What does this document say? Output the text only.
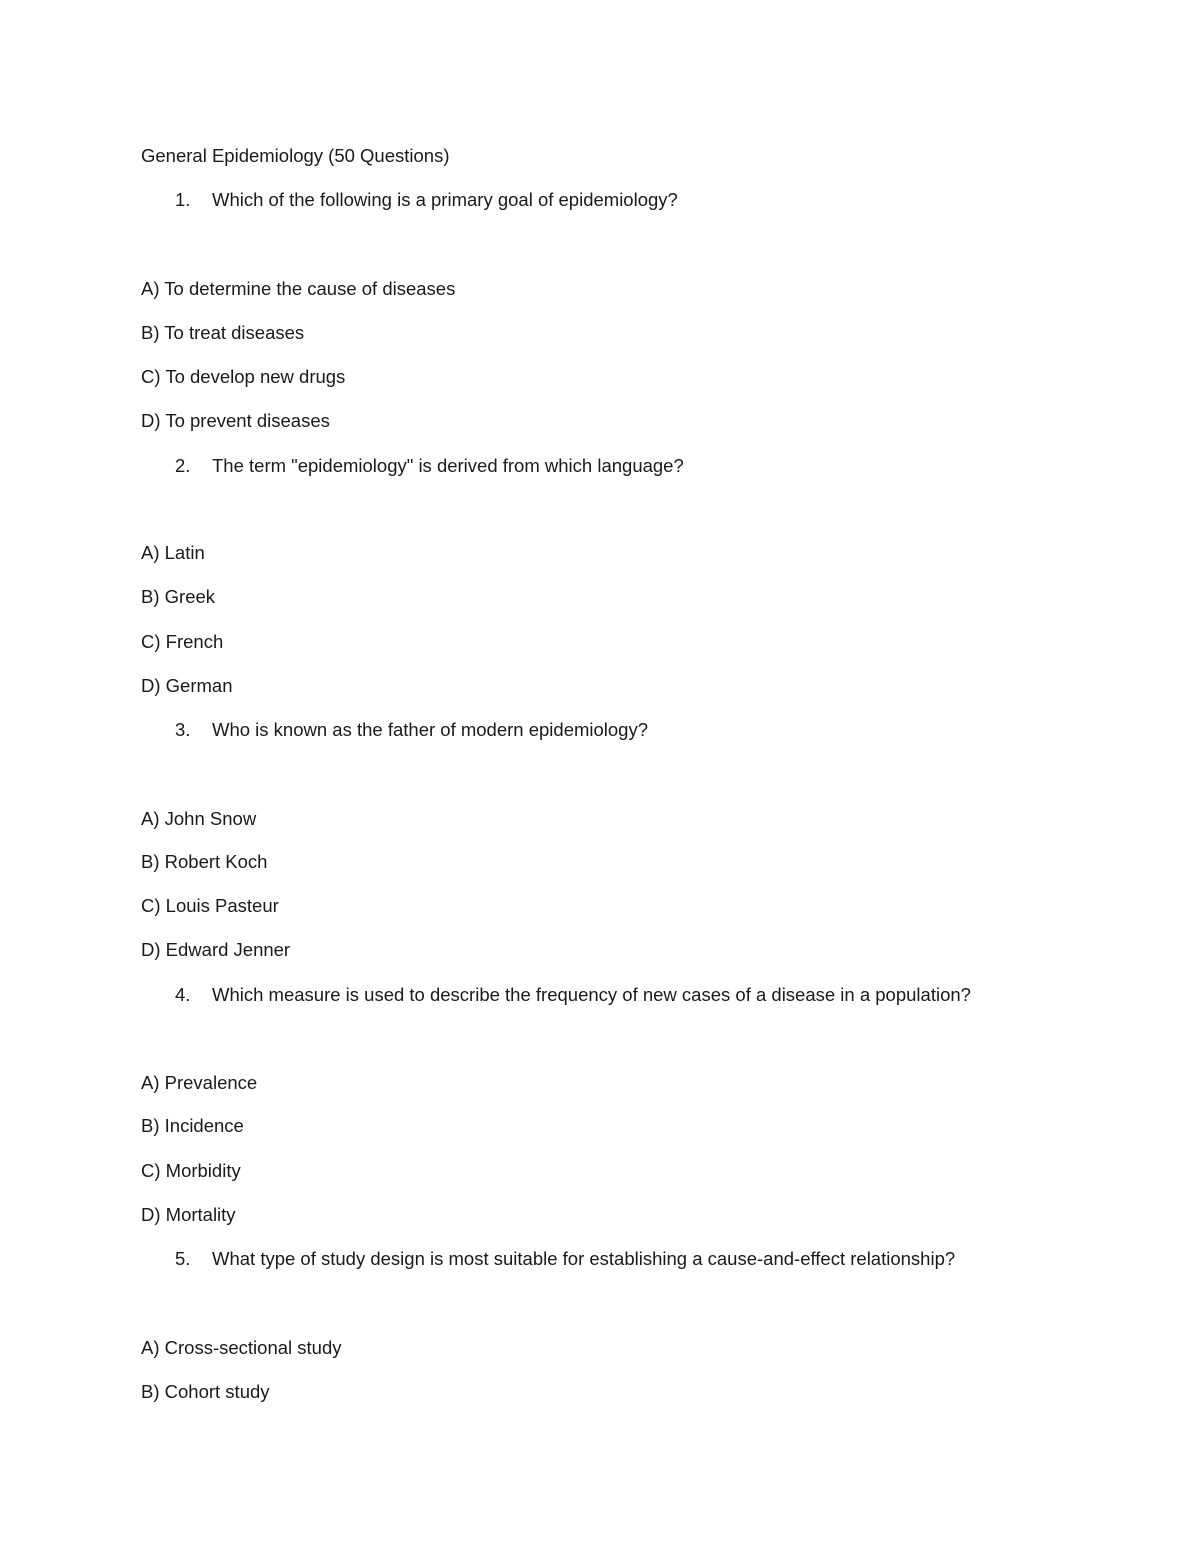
General Epidemiology (50 Questions)
1. Which of the following is a primary goal of epidemiology?
A) To determine the cause of diseases
B) To treat diseases
C) To develop new drugs
D) To prevent diseases
2. The term "epidemiology" is derived from which language?
A) Latin
B) Greek
C) French
D) German
3. Who is known as the father of modern epidemiology?
A) John Snow
B) Robert Koch
C) Louis Pasteur
D) Edward Jenner
4. Which measure is used to describe the frequency of new cases of a disease in a population?
A) Prevalence
B) Incidence
C) Morbidity
D) Mortality
5. What type of study design is most suitable for establishing a cause-and-effect relationship?
A) Cross-sectional study
B) Cohort study
